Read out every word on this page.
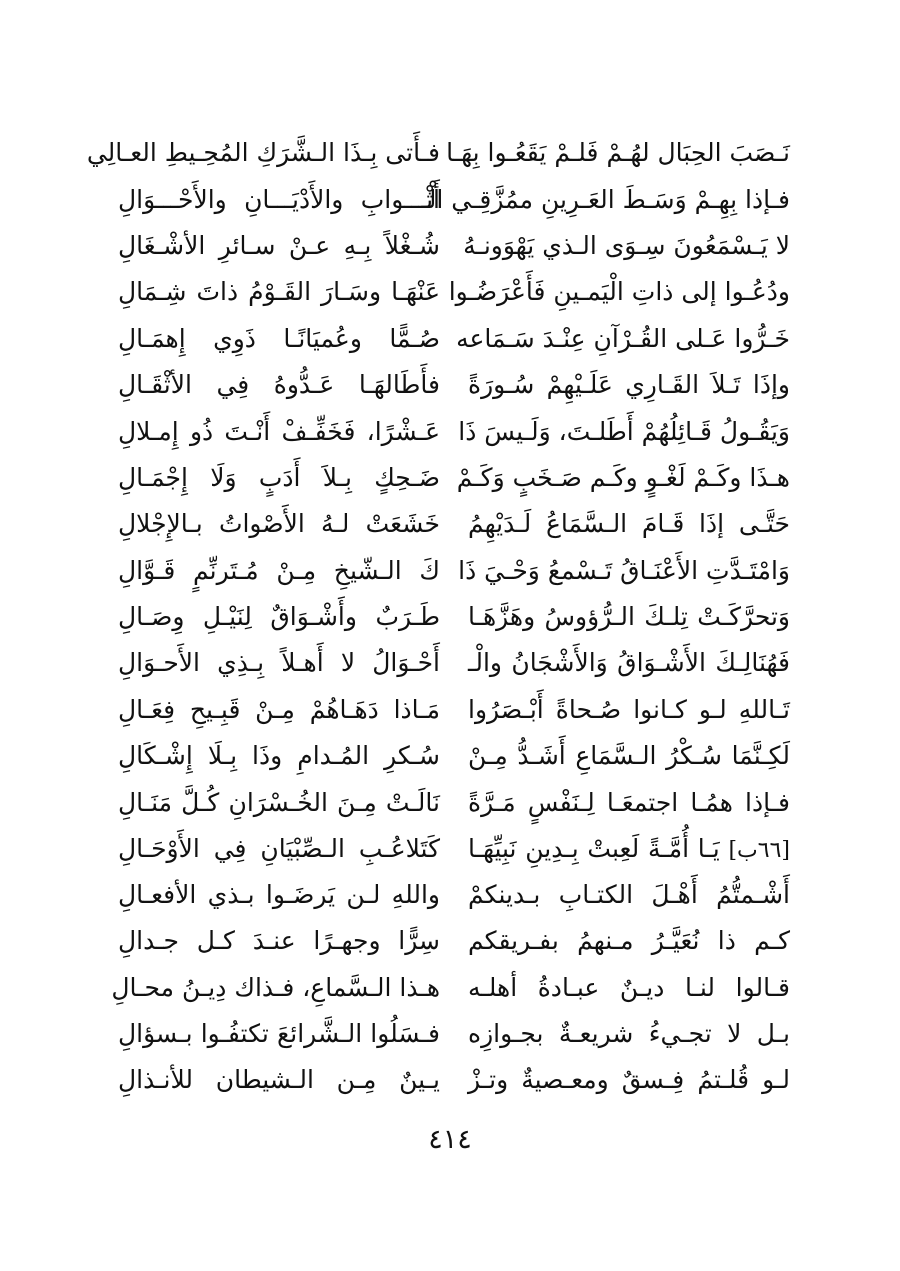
نَـصَبَ الحِبَال لهُـمْ فَلـمْ يَقَعُـوا بِهَـا
فـأَتى بِـذَا الـشَّرَكِ المُحِـيطِ العـالِي
فـإذا بِهِـمْ وَسَـطَ العَـرِينِ ممُزَّقِـي الْـ
أَثْـــوابِ والأَدْيَـــانِ والأَحْـــوَالِ
لا يَـسْمَعُونَ سِـوَى الـذي يَهْوَونـهُ
شُـغْلاً بِـهِ عـنْ سـائرِ الأشْـغَالِ
ودُعُـوا إلى ذاتِ الْيَمـينِ فَأَعْرَضُـوا
عَنْهَـا وسَـارَ القَـوْمُ ذاتَ شِـمَالِ
خَـرُّوا عَـلى القُـرْآنِ عِنْـدَ سَـمَاعه
صُـمًّا وعُميَانًـا ذَوِي إِهمَـالِ
وإذَا تَـلاَ القَـارِي عَلَـيْهِمْ سُـورَةً
فأَطَالهَـا عَـدُّوهُ فِي الأثْقَـالِ
وَيَقُـولُ قَـائِلُهُمْ أَطَلـتَ، وَلَـيسَ ذَا
عَـشْرًا، فَخَفِّـفْ أَنْـتَ ذُو إِمـلالِ
هـذَا وكَـمْ لَغْـوٍ وكَـم صَـخَبٍ وَكَـمْ
ضَـحِكٍ بِـلاَ أَدَبٍ وَلَا إِجْمَـالِ
حَتَّـى إذَا قَـامَ الـسَّمَاعُ لَـدَيْهِمُ
خَشَعَتْ لـهُ الأَصْواتُ بـالإِجْلالِ
وَامْتَـدَّتِ الأَعْنَـاقُ تَـسْمعُ وَحْـيَ ذَا
كَ الـشّيخِ مِـنْ مُـتَرنِّمٍ قَـوَّالِ
وَتحرَّكَـتْ تِلـكَ الـرُّؤوسُ وهَزَّهَـا
طَـرَبٌ وأَشْـوَاقٌ لِنَيْـلِ وِصَـالِ
فَهُنَالِـكَ الأَشْـوَاقُ وَالأَشْجَانُ والْـ
أَحْـوَالُ لا أَهـلاً بِـذِي الأَحـوَالِ
تَـاللهِ لـو كـانوا صُـحاةً أَبْـصَرُوا
مَـاذا دَهَـاهُمْ مِـنْ قَبِـيحِ فِعَـالِ
لَكِـنَّمَا سُـكْرُ الـسَّمَاعِ أَشَـدُّ مِـنْ
سُـكرِ المُـدامِ وذَا بِـلَا إِشْـكَالِ
فـإذا همُـا اجتمعَـا لِـنَفْسٍ مَـرَّةً
نَالَـتْ مِـنَ الخُـسْرَانِ كُـلَّ مَنَـالِ
[٦٦ب] يَـا أُمَّـةً لَعِبتْ بِـدِينِ نَبِيِّهَـا
كَتَلاعُـبِ الـصِّبْيَانِ فِي الأَوْحَـالِ
أَشْـمتُّمُ أَهْـلَ الكتـابِ بـدينكمْ
واللهِ لـن يَرضَـوا بـذي الأفعـالِ
كـم ذا نُعَيَّـرُ مـنهمُ بفـريقكم
سِرًّا وجهـرًا عنـدَ كـل جـدالِ
قـالوا لنـا ديـنٌ عبـادةُ أهلـه
هـذا الـسَّماعِ، فـذاك دِيـنُ محـالِ
بـل لا تجـيءُ شريعـةٌ بجـوازِه
فـسَلُوا الـشَّرائعَ تكتفُـوا بـسؤالِ
لـو قُلـتمُ فِـسقٌ ومعـصيةٌ وتـزْ
يـينٌ مِـن الـشيطان للأنـذالِ
٤١٤
